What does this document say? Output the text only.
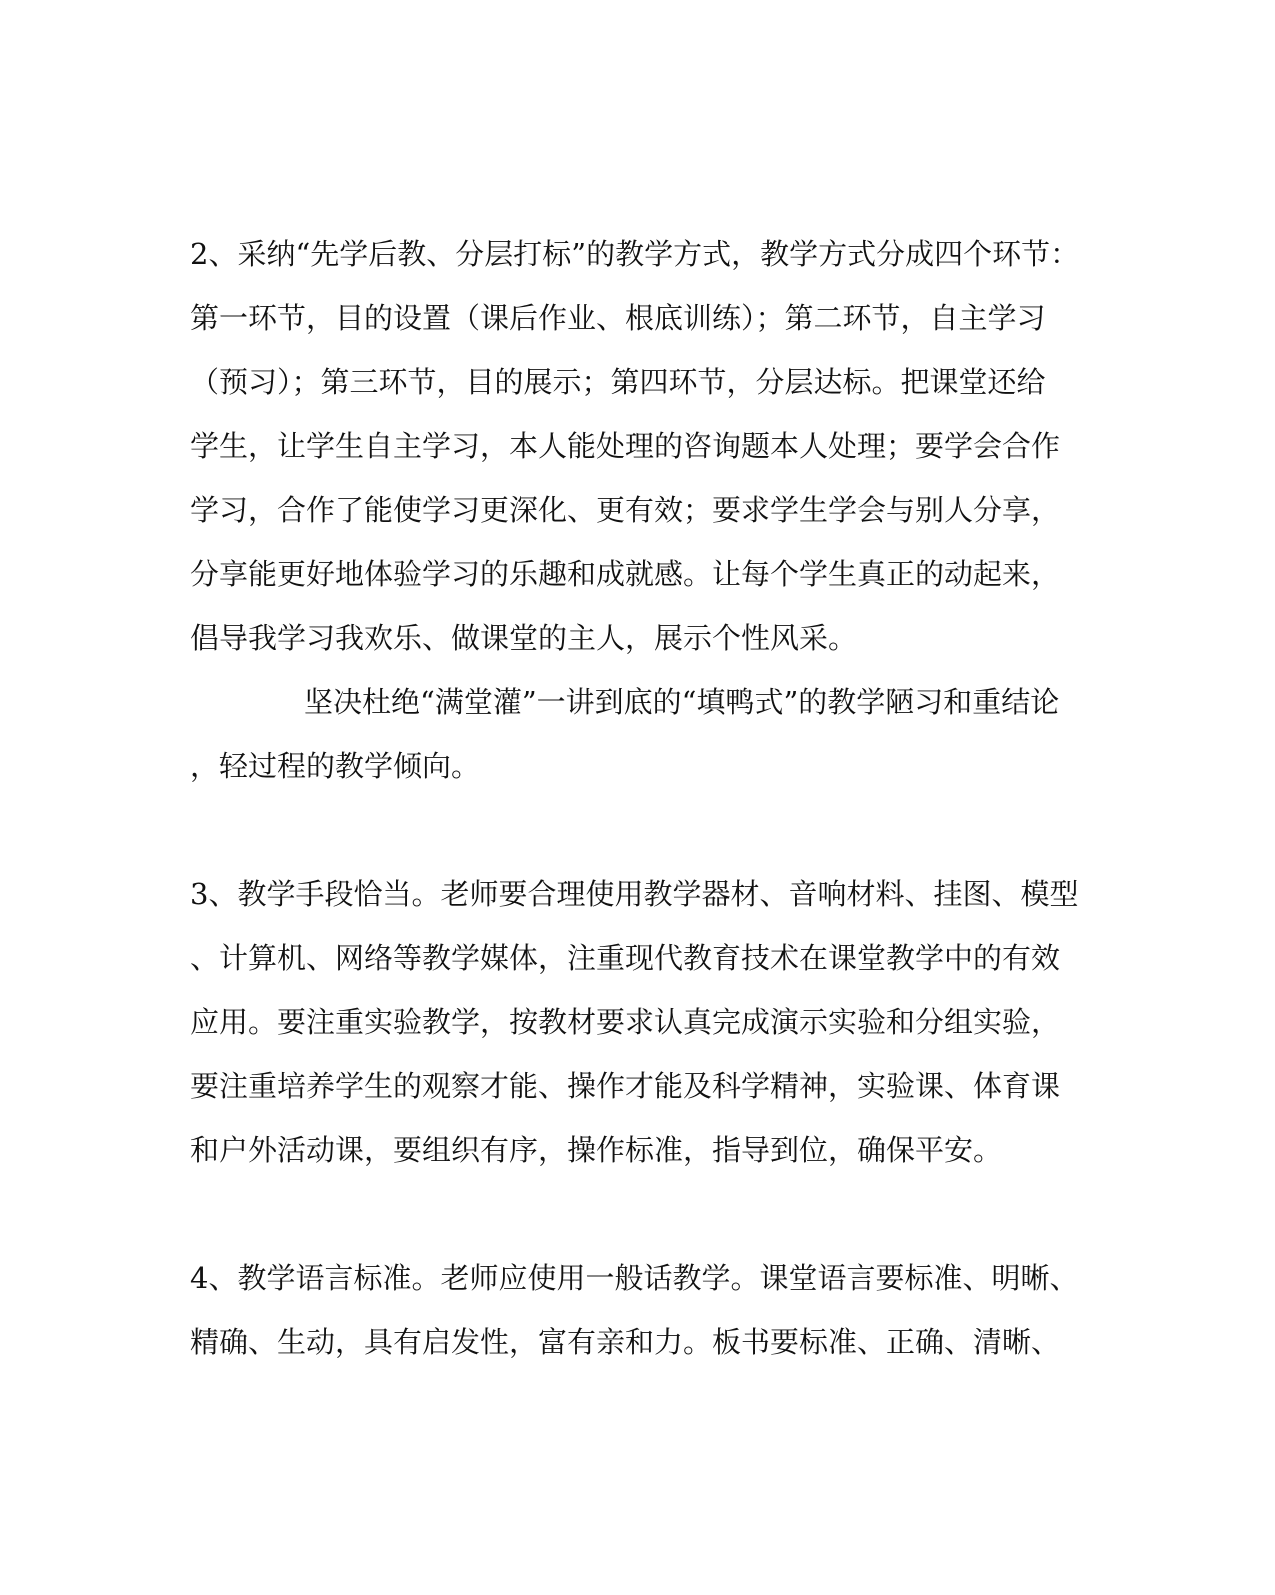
2、采纳“先学后教、分层打标”的教学方式，教学方式分成四个环节：
第一环节，目的设置（课后作业、根底训练）；第二环节，自主学习
（预习）；第三环节，目的展示；第四环节，分层达标。把课堂还给
学生，让学生自主学习，本人能处理的咨询题本人处理；要学会合作
学习，合作了能使学习更深化、更有效；要求学生学会与别人分享，
分享能更好地体验学习的乐趣和成就感。让每个学生真正的动起来，
倡导我学习我欢乐、做课堂的主人，展示个性风采。
坚决杜绝“满堂灌”一讲到底的“填鸭式”的教学陋习和重结论
，轻过程的教学倾向。
3、教学手段恰当。老师要合理使用教学器材、音响材料、挂图、模型
、计算机、网络等教学媒体，注重现代教育技术在课堂教学中的有效
应用。要注重实验教学，按教材要求认真完成演示实验和分组实验，
要注重培养学生的观察才能、操作才能及科学精神，实验课、体育课
和户外活动课，要组织有序，操作标准，指导到位，确保平安。
4、教学语言标准。老师应使用一般话教学。课堂语言要标准、明晰、
精确、生动，具有启发性，富有亲和力。板书要标准、正确、清晰、
